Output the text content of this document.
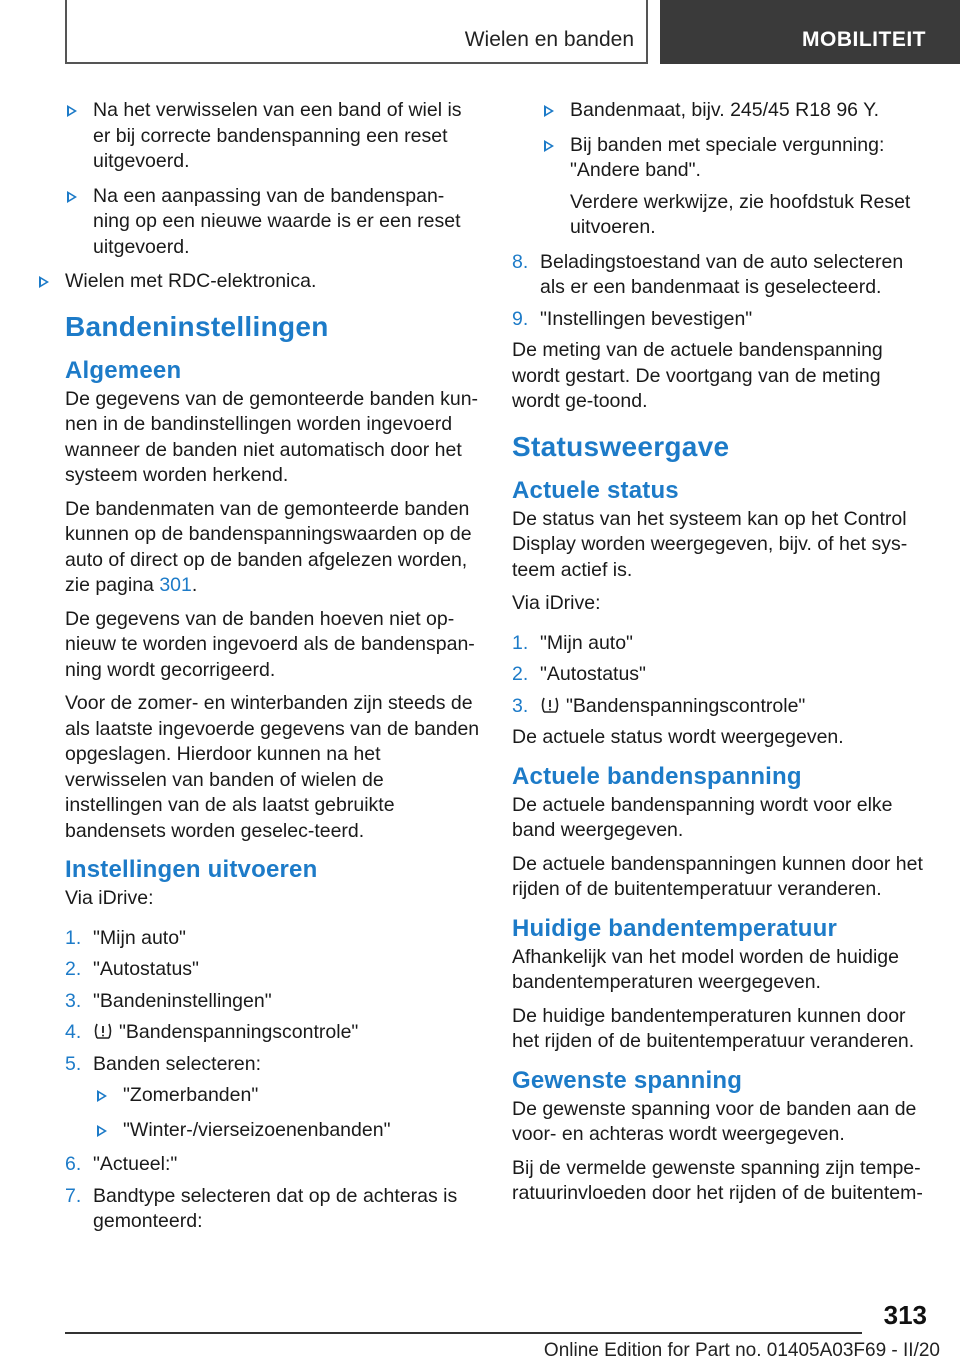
Wielen en banden	MOBILITEIT
Na het verwisselen van een band of wiel is er bij correcte bandenspanning een reset uitgevoerd.
Na een aanpassing van de bandenspan-ning op een nieuwe waarde is er een reset uitgevoerd.
Wielen met RDC-elektronica.
Bandeninstellingen
Algemeen

De gegevens van de gemonteerde banden kun-nen in de bandinstellingen worden ingevoerd wanneer de banden niet automatisch door het systeem worden herkend.

De bandenmaten van de gemonteerde banden kunnen op de bandenspanningswaarden op de auto of direct op de banden afgelezen worden, zie pagina 301.

De gegevens van de banden hoeven niet op-nieuw te worden ingevoerd als de bandenspan-ning wordt gecorrigeerd.

Voor de zomer- en winterbanden zijn steeds de als laatste ingevoerde gegevens van de banden opgeslagen. Hierdoor kunnen na het verwisselen van banden of wielen de instellingen van de als laatst gebruikte bandensets worden geselec-teerd.

Instellingen uitvoeren

Via iDrive:

1. "Mijn auto"
2. "Autostatus"
3. "Bandeninstellingen"
4. "Bandenspanningscontrole"
5. Banden selecteren:
"Zomerbanden"
"Winter-/vierseizoenenbanden"
6. "Actueel:"
7. Bandtype selecteren dat op de achteras is gemonteerd:
Bandenmaat, bijv. 245/45 R18 96 Y.
Bij banden met speciale vergunning: "Andere band".

Verdere werkwijze, zie hoofdstuk Reset uitvoeren.

8. Beladingstoestand van de auto selecteren als er een bandenmaat is geselecteerd.
9. "Instellingen bevestigen"

De meting van de actuele bandenspanning wordt gestart. De voortgang van de meting wordt ge-toond.

Statusweergave
Actuele status

De status van het systeem kan op het Control Display worden weergegeven, bijv. of het sys-teem actief is.

Via iDrive:

1. "Mijn auto"
2. "Autostatus"
3. "Bandenspanningscontrole"

De actuele status wordt weergegeven.

Actuele bandenspanning

De actuele bandenspanning wordt voor elke band weergegeven.

De actuele bandenspanningen kunnen door het rijden of de buitentemperatuur veranderen.

Huidige bandentemperatuur

Afhankelijk van het model worden de huidige bandentemperaturen weergegeven.

De huidige bandentemperaturen kunnen door het rijden of de buitentemperatuur veranderen.

Gewenste spanning

De gewenste spanning voor de banden aan de voor- en achteras wordt weergegeven.

Bij de vermelde gewenste spanning zijn tempe-ratuurinvloeden door het rijden of de buitentem-

313
Online Edition for Part no. 01405A03F69 - II/20
